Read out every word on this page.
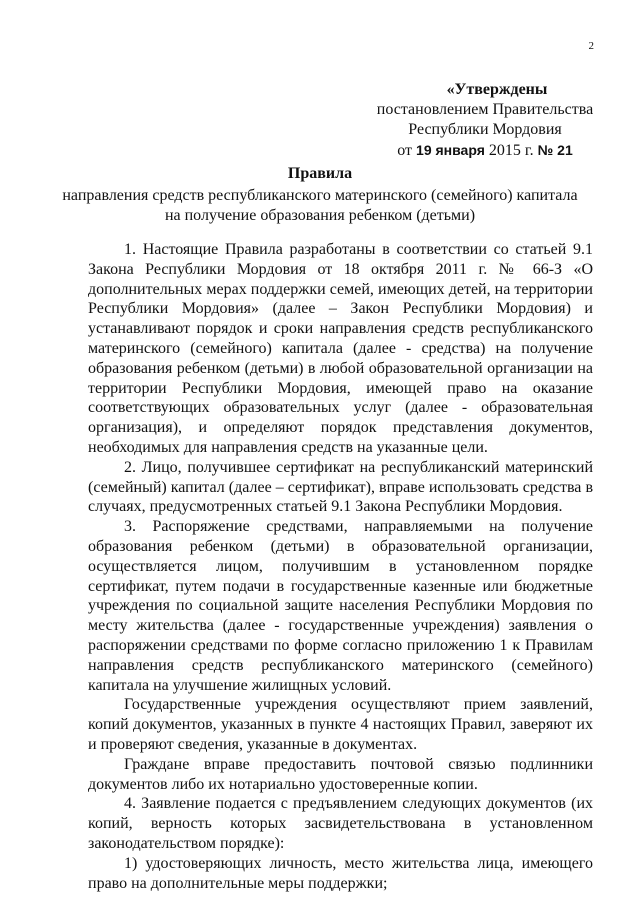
2
«Утверждены
постановлением Правительства
Республики Мордовия
от 19 января 2015 г. № 21
Правила
направления средств республиканского материнского (семейного) капитала на получение образования ребенком (детьми)

1. Настоящие Правила разработаны в соответствии со статьей 9.1 Закона Республики Мордовия от 18 октября 2011 г. № 66-З «О дополнительных мерах поддержки семей, имеющих детей, на территории Республики Мордовия» (далее – Закон Республики Мордовия) и устанавливают порядок и сроки направления средств республиканского материнского (семейного) капитала (далее - средства) на получение образования ребенком (детьми) в любой образовательной организации на территории Республики Мордовия, имеющей право на оказание соответствующих образовательных услуг (далее - образовательная организация), и определяют порядок представления документов, необходимых для направления средств на указанные цели.

2. Лицо, получившее сертификат на республиканский материнский (семейный) капитал (далее – сертификат), вправе использовать средства в случаях, предусмотренных статьей 9.1 Закона Республики Мордовия.

3. Распоряжение средствами, направляемыми на получение образования ребенком (детьми) в образовательной организации, осуществляется лицом, получившим в установленном порядке сертификат, путем подачи в государственные казенные или бюджетные учреждения по социальной защите населения Республики Мордовия по месту жительства (далее - государственные учреждения) заявления о распоряжении средствами по форме согласно приложению 1 к Правилам направления средств республиканского материнского (семейного) капитала на улучшение жилищных условий.

Государственные учреждения осуществляют прием заявлений, копий документов, указанных в пункте 4 настоящих Правил, заверяют их и проверяют сведения, указанные в документах.

Граждане вправе предоставить почтовой связью подлинники документов либо их нотариально удостоверенные копии.

4. Заявление подается с предъявлением следующих документов (их копий, верность которых засвидетельствована в установленном законодательством порядке):

1) удостоверяющих личность, место жительства лица, имеющего право на дополнительные меры поддержки;
